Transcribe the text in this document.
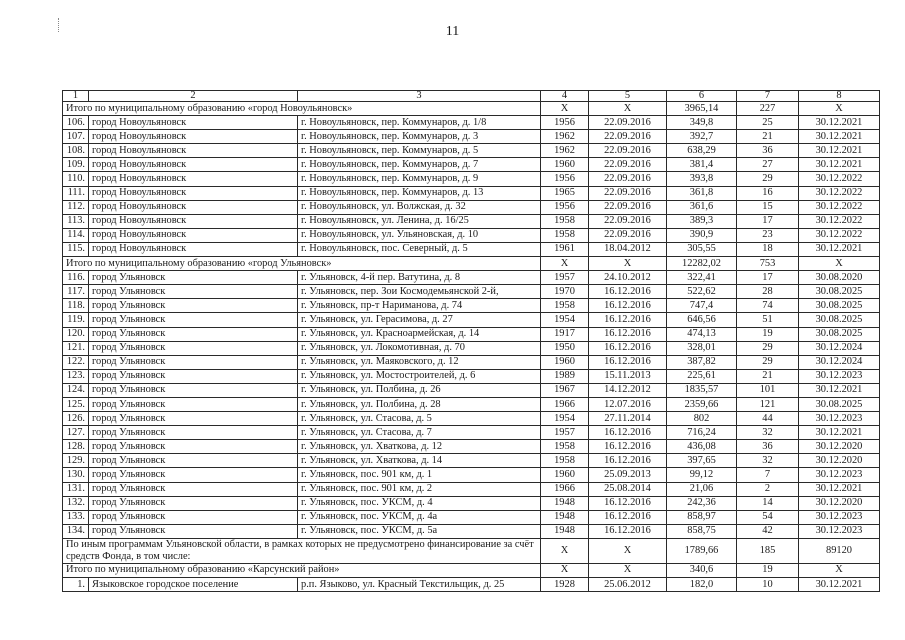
11
1	2	3	4	5	6	7	8
Итого по муниципальному образованию «город Новоульяновск»			X	X	3965,14	227	X
106.	город Новоульяновск	г. Новоульяновск, пер. Коммунаров, д. 1/8	1956	22.09.2016	349,8	25	30.12.2021
107.	город Новоульяновск	г. Новоульяновск, пер. Коммунаров, д. 3	1962	22.09.2016	392,7	21	30.12.2021
108.	город Новоульяновск	г. Новоульяновск, пер. Коммунаров, д. 5	1962	22.09.2016	638,29	36	30.12.2021
109.	город Новоульяновск	г. Новоульяновск, пер. Коммунаров, д. 7	1960	22.09.2016	381,4	27	30.12.2021
110.	город Новоульяновск	г. Новоульяновск, пер. Коммунаров, д. 9	1956	22.09.2016	393,8	29	30.12.2022
111.	город Новоульяновск	г. Новоульяновск, пер. Коммунаров, д. 13	1965	22.09.2016	361,8	16	30.12.2022
112.	город Новоульяновск	г. Новоульяновск, ул. Волжская, д. 32	1956	22.09.2016	361,6	15	30.12.2022
113.	город Новоульяновск	г. Новоульяновск, ул. Ленина, д. 16/25	1958	22.09.2016	389,3	17	30.12.2022
114.	город Новоульяновск	г. Новоульяновск, ул. Ульяновская, д. 10	1958	22.09.2016	390,9	23	30.12.2022
115.	город Новоульяновск	г. Новоульяновск, пос. Северный, д. 5	1961	18.04.2012	305,55	18	30.12.2021
Итого по муниципальному образованию «город Ульяновск»			X	X	12282,02	753	X
116.	город Ульяновск	г. Ульяновск, 4-й пер. Ватутина, д. 8	1957	24.10.2012	322,41	17	30.08.2020
117.	город Ульяновск	г. Ульяновск, пер. Зои Космодемьянской 2-й,	1970	16.12.2016	522,62	28	30.08.2025
118.	город Ульяновск	г. Ульяновск, пр-т Нариманова, д. 74	1958	16.12.2016	747,4	74	30.08.2025
119.	город Ульяновск	г. Ульяновск, ул. Герасимова, д. 27	1954	16.12.2016	646,56	51	30.08.2025
120.	город Ульяновск	г. Ульяновск, ул. Красноармейская, д. 14	1917	16.12.2016	474,13	19	30.08.2025
121.	город Ульяновск	г. Ульяновск, ул. Локомотивная, д. 70	1950	16.12.2016	328,01	29	30.12.2024
122.	город Ульяновск	г. Ульяновск, ул. Маяковского, д. 12	1960	16.12.2016	387,82	29	30.12.2024
123.	город Ульяновск	г. Ульяновск, ул. Мостостроителей, д. 6	1989	15.11.2013	225,61	21	30.12.2023
124.	город Ульяновск	г. Ульяновск, ул. Полбина, д. 26	1967	14.12.2012	1835,57	101	30.12.2021
125.	город Ульяновск	г. Ульяновск, ул. Полбина, д. 28	1966	12.07.2016	2359,66	121	30.08.2025
126.	город Ульяновск	г. Ульяновск, ул. Стасова, д. 5	1954	27.11.2014	802	44	30.12.2023
127.	город Ульяновск	г. Ульяновск, ул. Стасова, д. 7	1957	16.12.2016	716,24	32	30.12.2021
128.	город Ульяновск	г. Ульяновск, ул. Хваткова, д. 12	1958	16.12.2016	436,08	36	30.12.2020
129.	город Ульяновск	г. Ульяновск, ул. Хваткова, д. 14	1958	16.12.2016	397,65	32	30.12.2020
130.	город Ульяновск	г. Ульяновск, пос. 901 км, д. 1	1960	25.09.2013	99,12	7	30.12.2023
131.	город Ульяновск	г. Ульяновск, пос. 901 км, д. 2	1966	25.08.2014	21,06	2	30.12.2021
132.	город Ульяновск	г. Ульяновск, пос. УКСМ, д. 4	1948	16.12.2016	242,36	14	30.12.2020
133.	город Ульяновск	г. Ульяновск, пос. УКСМ, д. 4а	1948	16.12.2016	858,97	54	30.12.2023
134.	город Ульяновск	г. Ульяновск, пос. УКСМ, д. 5а	1948	16.12.2016	858,75	42	30.12.2023
По иным программам Ульяновской области, в рамках которых не предусмотрено финансирование за счёт средств Фонда, в том числе:			X	X	1789,66	185	89120
Итого по муниципальному образованию «Карсунский район»			X	X	340,6	19	X
1.	Языковское городское поселение	р.п. Языково, ул. Красный Текстильщик, д. 25	1928	25.06.2012	182,0	10	30.12.2021
